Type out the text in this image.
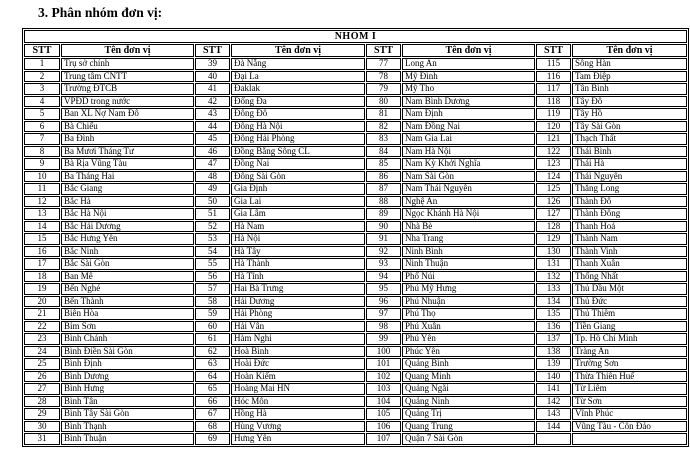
3. Phân nhóm đơn vị:
NHÓM I							
STT	Tên đơn vị	STT	Tên đơn vị	STT	Tên đơn vị	STT	Tên đơn vị
1	Trụ sở chính	39	Đà Nẵng	77	Long An	115	Sông Hàn
2	Trung tâm CNTT	40	Đại La	78	Mỹ Đình	116	Tam Điệp
3	Trường ĐTCB	41	Đaklak	79	Mỹ Tho	117	Tân Bình
4	VPĐD trong nước	42	Đống Đa	80	Nam Bình Dương	118	Tây Đô
5	Ban XL Nợ Nam Đô	43	Đông Đô	81	Nam Định	119	Tây Hồ
6	Bà Chiểu	44	Đông Hà Nội	82	Nam Đồng Nai	120	Tây Sài Gòn
7	Ba Đình	45	Đông Hải Phòng	83	Nam Gia Lai	121	Thạch Thất
8	Ba Mươi Tháng Tư	46	Đồng Bằng Sông CL	84	Nam Hà Nội	122	Thái Bình
9	Bà Rịa Vũng Tàu	47	Đồng Nai	85	Nam Kỳ Khởi Nghĩa	123	Thái Hà
10	Ba Tháng Hai	48	Đông Sài Gòn	86	Nam Sài Gòn	124	Thái Nguyên
11	Bắc Giang	49	Gia Định	87	Nam Thái Nguyên	125	Thăng Long
12	Bắc Hà	50	Gia Lai	88	Nghệ An	126	Thành Đô
13	Bắc Hà Nội	51	Gia Lâm	89	Ngọc Khánh Hà Nội	127	Thành Đông
14	Bắc Hải Dương	52	Hà Nam	90	Nhà Bè	128	Thanh Hoá
15	Bắc Hưng Yên	53	Hà Nội	91	Nha Trang	129	Thành Nam
16	Bắc Ninh	54	Hà Tây	92	Ninh Bình	130	Thành Vinh
17	Bắc Sài Gòn	55	Hà Thành	93	Ninh Thuận	131	Thanh Xuân
18	Ban Mê	56	Hà Tĩnh	94	Phố Núi	132	Thống Nhất
19	Bến Nghé	57	Hai Bà Trưng	95	Phú Mỹ Hưng	133	Thủ Dầu Một
20	Bến Thành	58	Hải Dương	96	Phú Nhuận	134	Thủ Đức
21	Biên Hòa	59	Hải Phòng	97	Phú Thọ	135	Thủ Thiêm
22	Bỉm Sơn	60	Hải Vân	98	Phú Xuân	136	Tiền Giang
23	Bình Chánh	61	Hàm Nghi	99	Phú Yên	137	Tp. Hồ Chí Minh
24	Bình Điền Sài Gòn	62	Hoà Bình	100	Phúc Yên	138	Tràng An
25	Bình Định	63	Hoài Đức	101	Quảng Bình	139	Trường Sơn
26	Bình Dương	64	Hoàn Kiếm	102	Quang Minh	140	Thừa Thiên Huế
27	Bình Hưng	65	Hoàng Mai HN	103	Quảng Ngãi	141	Từ Liêm
28	Bình Tân	66	Hóc Môn	104	Quảng Ninh	142	Từ Sơn
29	Bình Tây Sài Gòn	67	Hồng Hà	105	Quảng Trị	143	Vĩnh Phúc
30	Bình Thạnh	68	Hùng Vương	106	Quang Trung	144	Vũng Tàu - Côn Đảo
31	Bình Thuận	69	Hưng Yên	107	Quận 7 Sài Gòn		
